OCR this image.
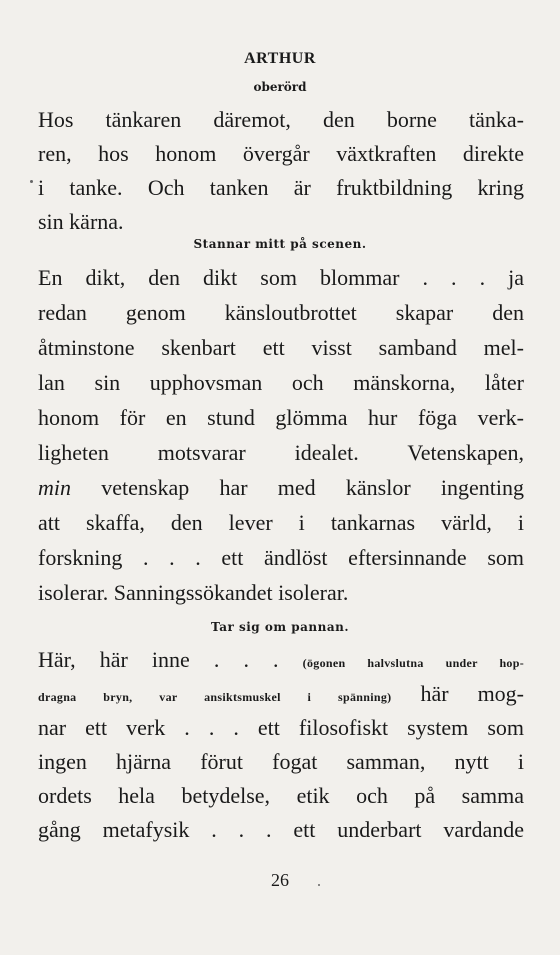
ARTHUR
oberörd
Hos tänkaren däremot, den borne tänka-
ren, hos honom övergår växtkraften direkte
i tanke. Och tanken är fruktbildning kring
sin kärna.
Stannar mitt på scenen.
En dikt, den dikt som blommar . . . ja
redan genom känsloutbrottet skapar den
åtminstone skenbart ett visst samband mel-
lan sin upphovsman och mänskorna, låter
honom för en stund glömma hur föga verk-
ligheten motsvarar idealet. Vetenskapen,
min vetenskap har med känslor ingenting
att skaffa, den lever i tankarnas värld, i
forskning . . . ett ändlöst eftersinnande som
isolerar. Sanningssökandet isolerar.
Tar sig om pannan.
Här, här inne . . . (ögonen halvslutna under hop-
dragna bryn, var ansiktsmuskel i spänning) här mog-
nar ett verk . . . ett filosofiskt system som
ingen hjärna förut fogat samman, nytt i
ordets hela betydelse, etik och på samma
gång metafysik . . . ett underbart vardande
26
